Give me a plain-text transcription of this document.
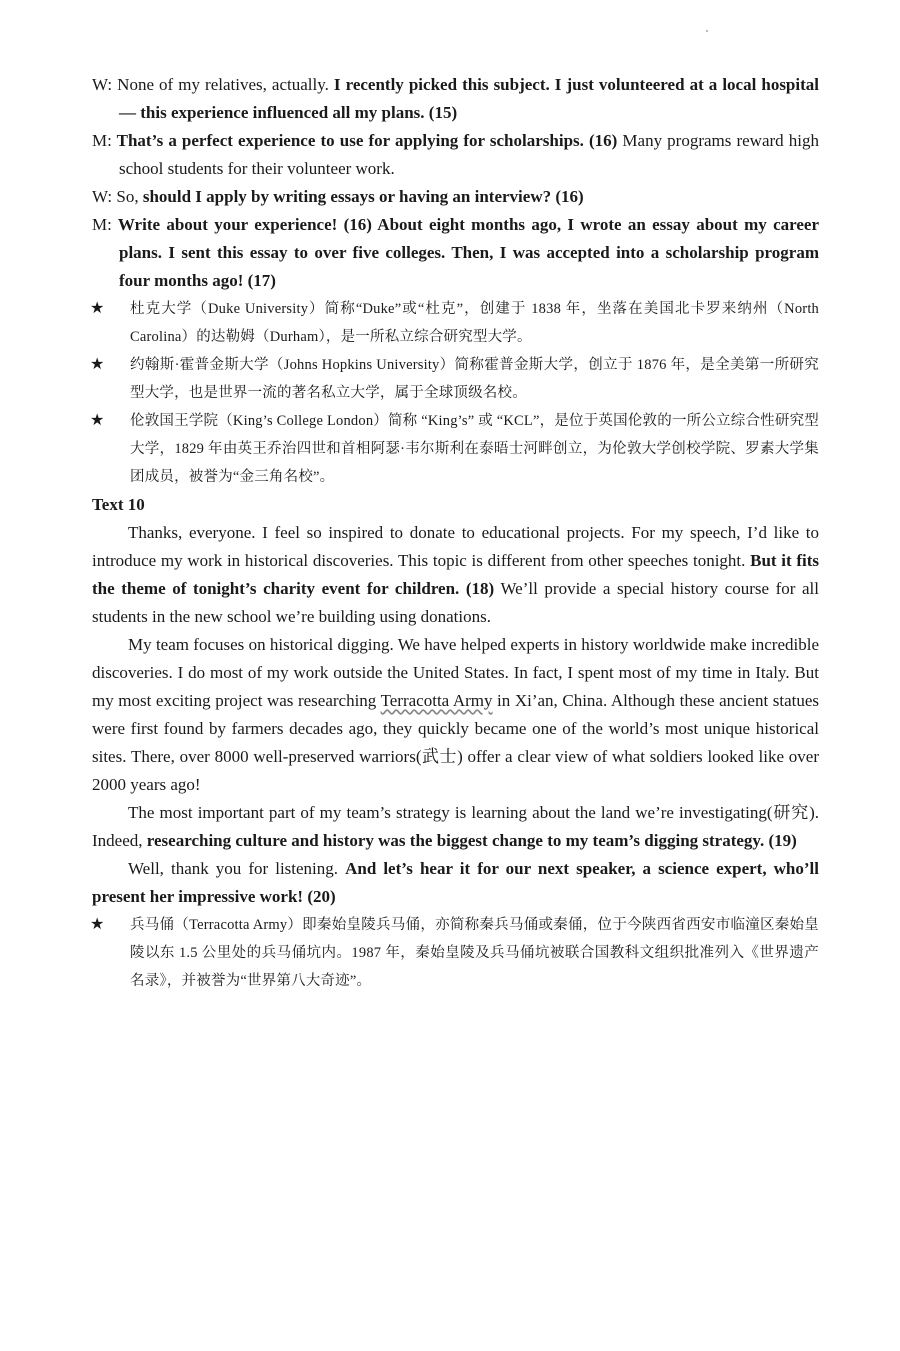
W: None of my relatives, actually. I recently picked this subject. I just volunteered at a local hospital — this experience influenced all my plans. (15)
M: That’s a perfect experience to use for applying for scholarships. (16) Many programs reward high school students for their volunteer work.
W: So, should I apply by writing essays or having an interview? (16)
M: Write about your experience! (16) About eight months ago, I wrote an essay about my career plans. I sent this essay to over five colleges. Then, I was accepted into a scholarship program four months ago! (17)
★ 杜克大学（Duke University）简称“Duke”或“杜克”，创建于 1838 年，坐落在美国北卡罗来纳州（North Carolina）的达勒姆（Durham），是一所私立综合研究型大学。
★ 约翰斯·霍普金斯大学（Johns Hopkins University）简称霍普金斯大学，创立于 1876 年，是全美第一所研究型大学，也是世界一流的著名私立大学，属于全球顶级名校。
★ 伦敦国王学院（King’s College London）简称 “King’s” 或 “KCL”，是位于英国伦敦的一所公立综合性研究型大学，1829 年由英王乔治四世和首相阿瑟·韦尔斯利在泰晤士河畔创立，为伦敦大学创校学院、罗素大学集团成员，被誉为“金三角名校”。
Text 10
Thanks, everyone. I feel so inspired to donate to educational projects. For my speech, I’d like to introduce my work in historical discoveries. This topic is different from other speeches tonight. But it fits the theme of tonight’s charity event for children. (18) We’ll provide a special history course for all students in the new school we’re building using donations.
My team focuses on historical digging. We have helped experts in history worldwide make incredible discoveries. I do most of my work outside the United States. In fact, I spent most of my time in Italy. But my most exciting project was researching Terracotta Army in Xi’an, China. Although these ancient statues were first found by farmers decades ago, they quickly became one of the world’s most unique historical sites. There, over 8000 well-preserved warriors(武士) offer a clear view of what soldiers looked like over 2000 years ago!
The most important part of my team’s strategy is learning about the land we’re investigating(研究). Indeed, researching culture and history was the biggest change to my team’s digging strategy. (19)
Well, thank you for listening. And let’s hear it for our next speaker, a science expert, who’ll present her impressive work! (20)
★ 兵马俑（Terracotta Army）即秦始皇陵兵马俑，亦简称秦兵马俑或秦俑，位于今陕西省西安市临潼区秦始皇陵以东 1.5 公里处的兵马俑坑内。1987 年，秦始皇陵及兵马俑坑被联合国教科文组织批准列入《世界遗产名录》，并被誉为“世界第八大奇迹”。
